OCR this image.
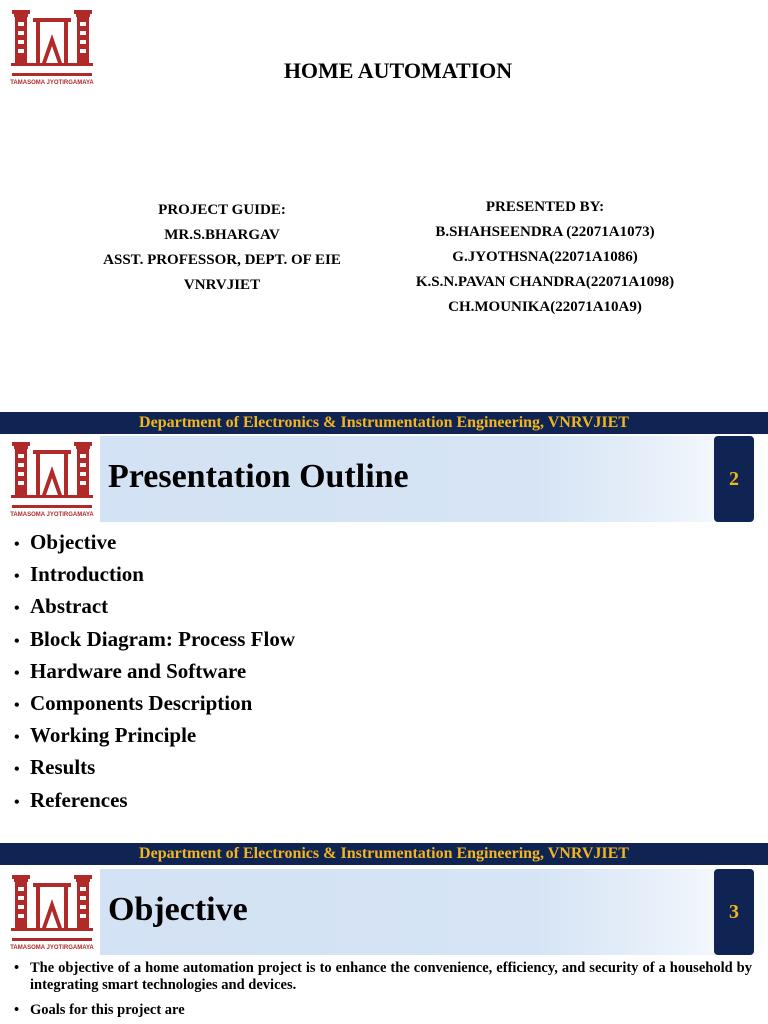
TAMASOMA JYOTIRGAMAYA	HOME AUTOMATION
PROJECT GUIDE:
MR.S.BHARGAV
ASST. PROFESSOR, DEPT. OF EIE
VNRVJIET
PRESENTED BY:
B.SHAHSEENDRA (22071A1073)
G.JYOTHSNA(22071A1086)
K.S.N.PAVAN CHANDRA(22071A1098)
CH.MOUNIKA(22071A10A9)
Department of Electronics & Instrumentation Engineering, VNRVJIET
TAMASOMA JYOTIRGAMAYA
Presentation Outline	2
• Objective
• Introduction
• Abstract
• Block Diagram: Process Flow
• Hardware and Software
• Components Description
• Working Principle
• Results
• References
Department of Electronics & Instrumentation Engineering, VNRVJIET
TAMASOMA JYOTIRGAMAYA
Objective	3
• The objective of a home automation project is to enhance the convenience, efficiency, and security of a household by integrating smart technologies and devices.
• Goals for this project are
